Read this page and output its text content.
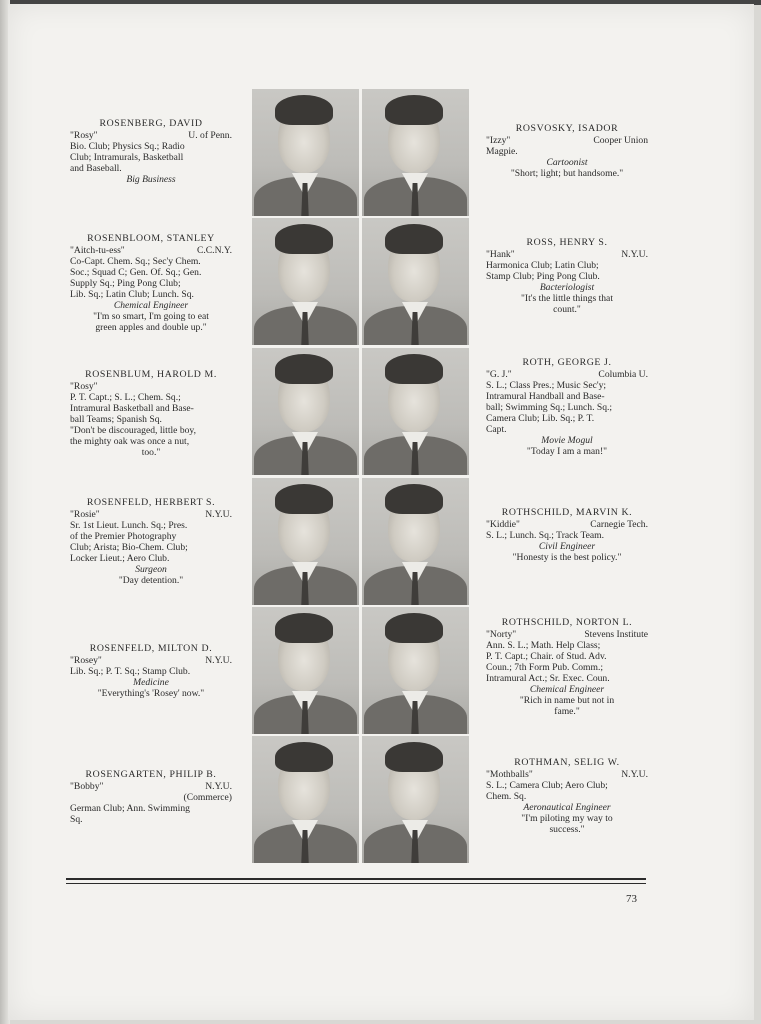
ROSENBERG, DAVID
"Rosy"	U. of Penn.
Bio. Club; Physics Sq.; Radio
Club; Intramurals, Basketball
and Baseball.
Big Business
ROSENBLOOM, STANLEY
"Aitch-tu-ess"	C.C.N.Y.
Co-Capt. Chem. Sq.; Sec'y Chem.
Soc.; Squad C; Gen. Of. Sq.; Gen.
Supply Sq.; Ping Pong Club;
Lib. Sq.; Latin Club; Lunch. Sq.
Chemical Engineer
"I'm so smart, I'm going to eat
green apples and double up."
ROSENBLUM, HAROLD M.
"Rosy"
P. T. Capt.; S. L.; Chem. Sq.;
Intramural Basketball and Base-
ball Teams; Spanish Sq.
"Don't be discouraged, little boy,
the mighty oak was once a nut,
too."
ROSENFELD, HERBERT S.
"Rosie"	N.Y.U.
Sr. 1st Lieut. Lunch. Sq.; Pres.
of the Premier Photography
Club; Arista; Bio-Chem. Club;
Locker Lieut.; Aero Club.
Surgeon
"Day detention."
ROSENFELD, MILTON D.
"Rosey"	N.Y.U.
Lib. Sq.; P. T. Sq.; Stamp Club.
Medicine
"Everything's 'Rosey' now."
ROSENGARTEN, PHILIP B.
"Bobby"	N.Y.U.
(Commerce)
German Club; Ann. Swimming
Sq.
ROSVOSKY, ISADOR
"Izzy"	Cooper Union
Magpie.
Cartoonist
"Short; light; but handsome."
ROSS, HENRY S.
"Hank"	N.Y.U.
Harmonica Club; Latin Club;
Stamp Club; Ping Pong Club.
Bacteriologist
"It's the little things that
count."
ROTH, GEORGE J.
"G. J."	Columbia U.
S. L.; Class Pres.; Music Sec'y;
Intramural Handball and Base-
ball; Swimming Sq.; Lunch. Sq.;
Camera Club; Lib. Sq.; P. T.
Capt.
Movie Mogul
"Today I am a man!"
ROTHSCHILD, MARVIN K.
"Kiddie"	Carnegie Tech.
S. L.; Lunch. Sq.; Track Team.
Civil Engineer
"Honesty is the best policy."
ROTHSCHILD, NORTON L.
"Norty"	Stevens Institute
Ann. S. L.; Math. Help Class;
P. T. Capt.; Chair. of Stud. Adv.
Coun.; 7th Form Pub. Comm.;
Intramural Act.; Sr. Exec. Coun.
Chemical Engineer
"Rich in name but not in
fame."
ROTHMAN, SELIG W.
"Mothballs"	N.Y.U.
S. L.; Camera Club; Aero Club;
Chem. Sq.
Aeronautical Engineer
"I'm piloting my way to
success."
73
